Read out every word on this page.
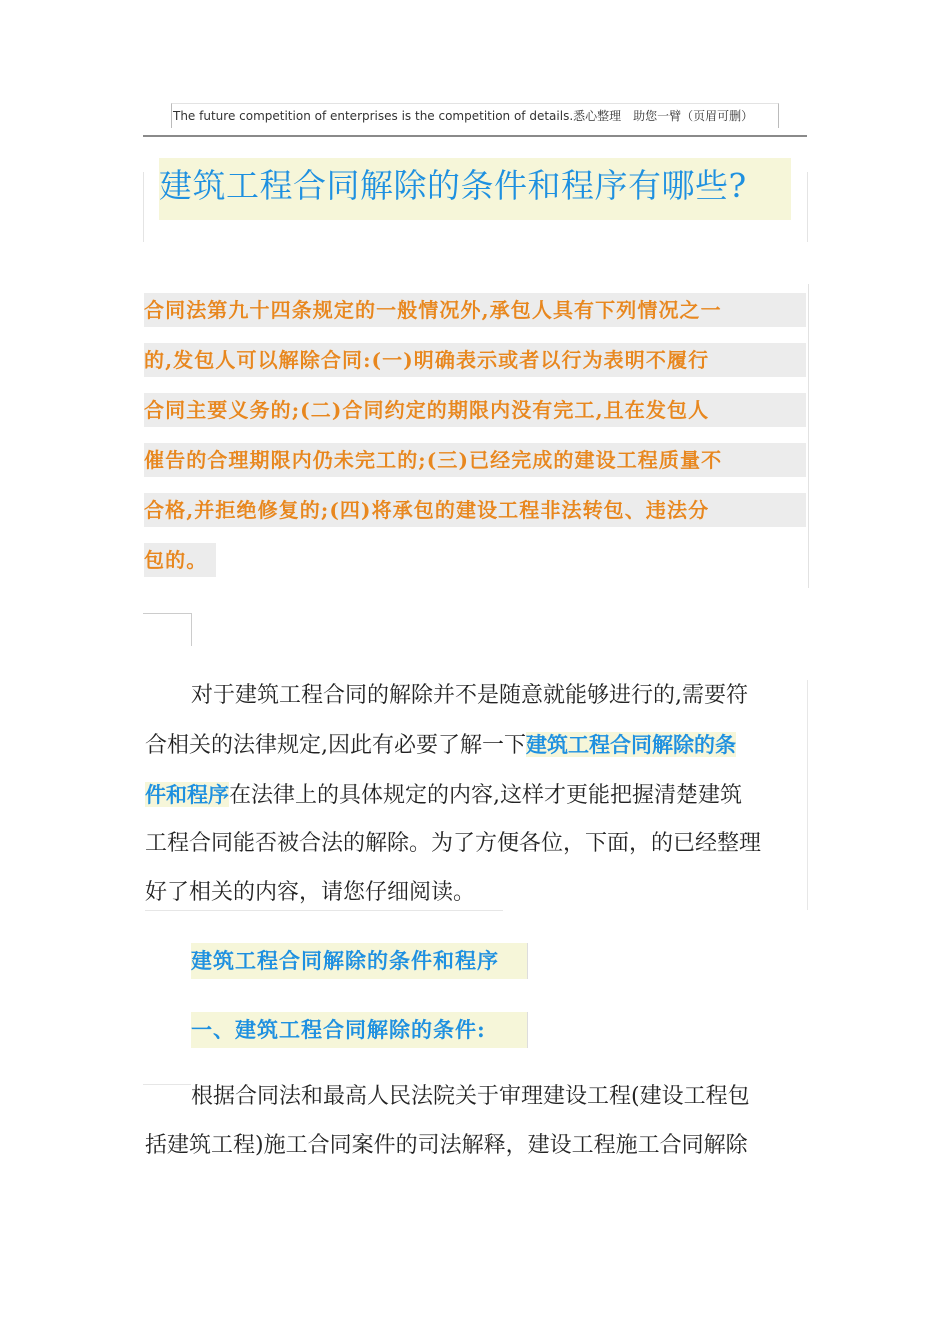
The future competition of enterprises is the competition of details.悉心整理　助您一臂（页眉可删）
建筑工程合同解除的条件和程序有哪些?
合同法第九十四条规定的一般情况外,承包人具有下列情况之一
的,发包人可以解除合同:(一)明确表示或者以行为表明不履行
合同主要义务的;(二)合同约定的期限内没有完工,且在发包人
催告的合理期限内仍未完工的;(三)已经完成的建设工程质量不
合格,并拒绝修复的;(四)将承包的建设工程非法转包、违法分
包的。
对于建筑工程合同的解除并不是随意就能够进行的,需要符
合相关的法律规定,因此有必要了解一下建筑工程合同解除的条
件和程序在法律上的具体规定的内容,这样才更能把握清楚建筑
工程合同能否被合法的解除。为了方便各位，下面，的已经整理
好了相关的内容，请您仔细阅读。
建筑工程合同解除的条件和程序
一、建筑工程合同解除的条件:
根据合同法和最高人民法院关于审理建设工程(建设工程包
括建筑工程)施工合同案件的司法解释，建设工程施工合同解除
